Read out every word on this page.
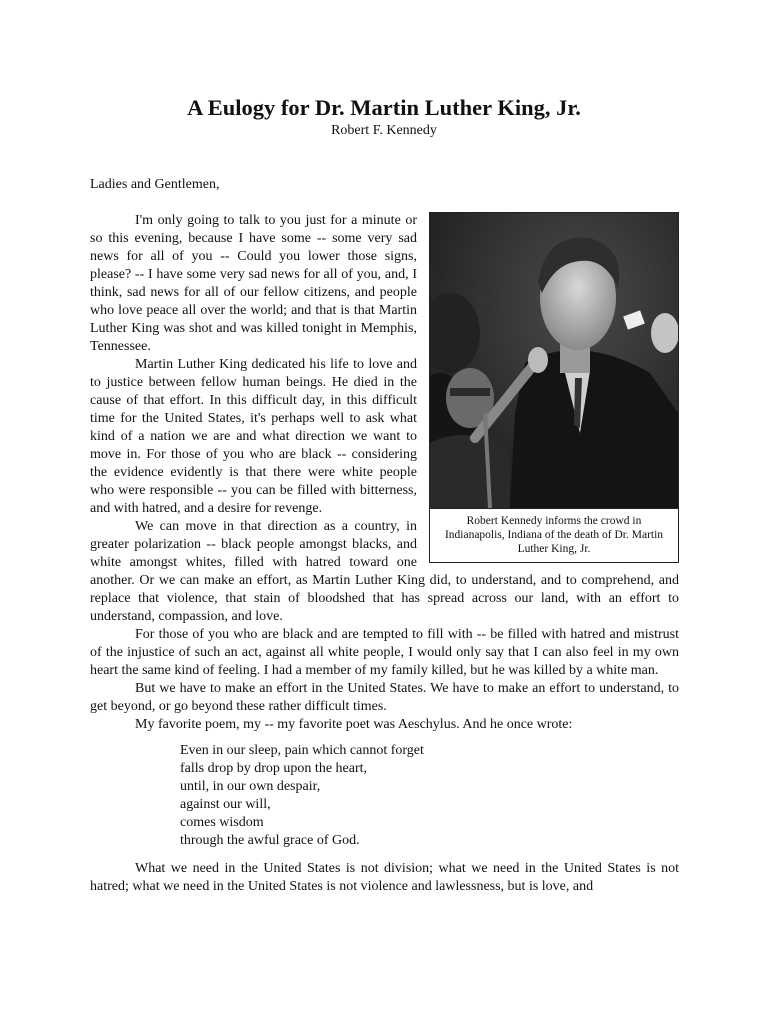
A Eulogy for Dr. Martin Luther King, Jr.
Robert F. Kennedy
Ladies and Gentlemen,
Robert Kennedy informs the crowd in Indianapolis, Indiana of the death of Dr. Martin Luther King, Jr.

I'm only going to talk to you just for a minute or so this evening, because I have some -- some very sad news for all of you -- Could you lower those signs, please? -- I have some very sad news for all of you, and, I think, sad news for all of our fellow citizens, and people who love peace all over the world; and that is that Martin Luther King was shot and was killed tonight in Memphis, Tennessee.

Martin Luther King dedicated his life to love and to justice between fellow human beings. He died in the cause of that effort. In this difficult day, in this difficult time for the United States, it's perhaps well to ask what kind of a nation we are and what direction we want to move in. For those of you who are black -- considering the evidence evidently is that there were white people who were responsible -- you can be filled with bitterness, and with hatred, and a desire for revenge.

We can move in that direction as a country, in greater polarization -- black people amongst blacks, and white amongst whites, filled with hatred toward one another. Or we can make an effort, as Martin Luther King did, to understand, and to comprehend, and replace that violence, that stain of bloodshed that has spread across our land, with an effort to understand, compassion, and love.

For those of you who are black and are tempted to fill with -- be filled with hatred and mistrust of the injustice of such an act, against all white people, I would only say that I can also feel in my own heart the same kind of feeling. I had a member of my family killed, but he was killed by a white man.

But we have to make an effort in the United States. We have to make an effort to understand, to get beyond, or go beyond these rather difficult times.

My favorite poem, my -- my favorite poet was Aeschylus. And he once wrote:

Even in our sleep, pain which cannot forget
falls drop by drop upon the heart,
until, in our own despair,
against our will,
comes wisdom
through the awful grace of God.

What we need in the United States is not division; what we need in the United States is not hatred; what we need in the United States is not violence and lawlessness, but is love, and
